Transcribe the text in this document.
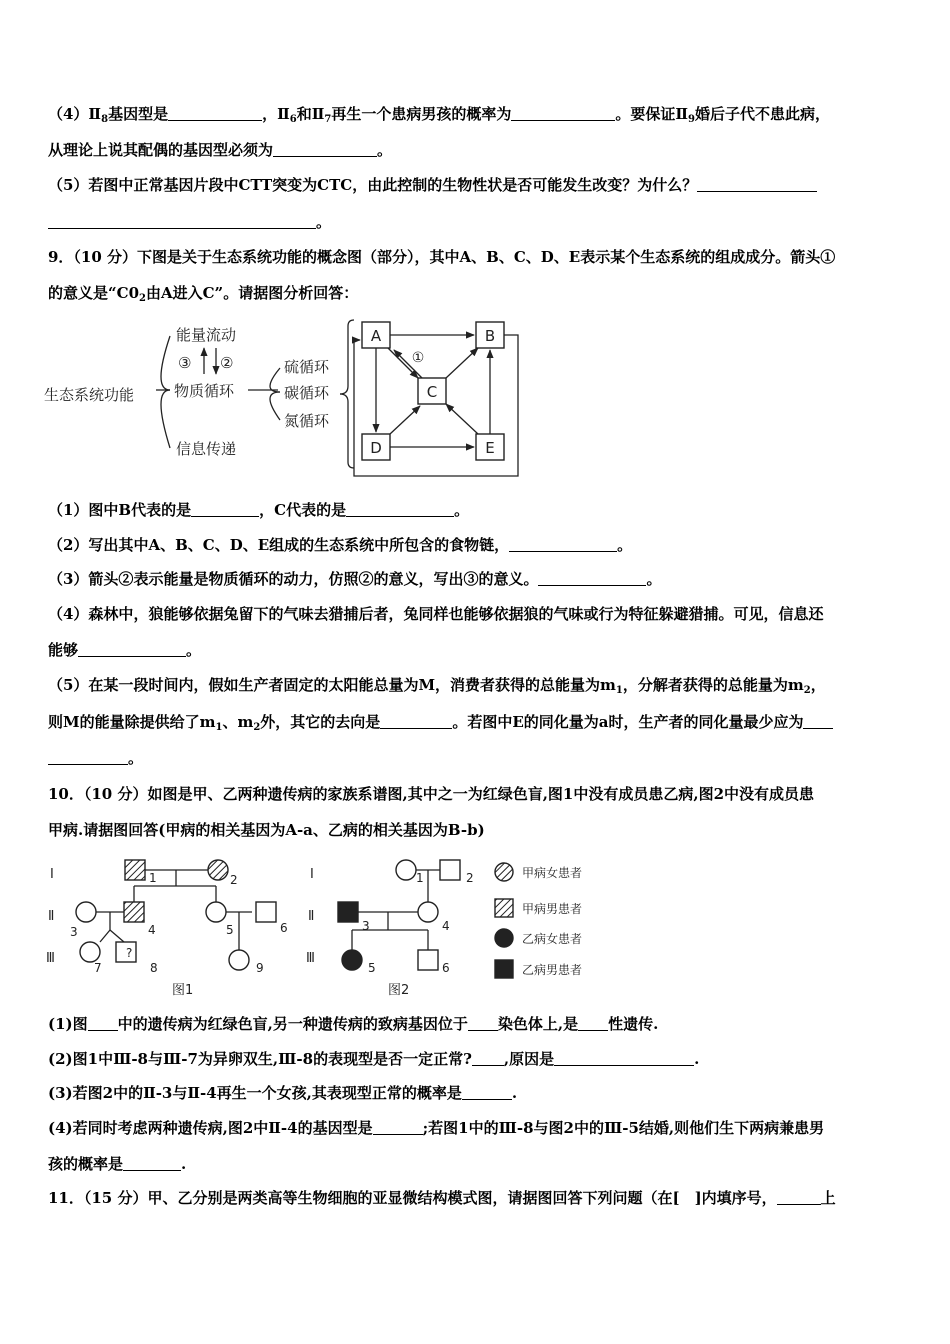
$(4)Ⅱ_8$基因型是	，$Ⅱ_6$和$Ⅱ_7$再生一个患病男孩的概率为	。要保证$Ⅱ_9$婚后子代不患此病，
从理论上说其配偶的基因型必须为	。
（5）若图中正常基因片段中CTT突变为CTC，由此控制的生物性状是否可能发生改变？为什么？
。
9．（10 分）下图是关于生态系统功能的概念图（部分），其中A、B、C、D、E表示某个生态系统的组成成分。箭头①
的意义是“$C0_2$由A进入C”。请据图分析回答：
生态系统功能
能量流动
物质循环
信息传递
③ ②	硫循环
碳循环
氮循环
A	B
C
D	E
①
（1）图中B代表的是	，C代表的是	。
（2）写出其中A、B、C、D、E组成的生态系统中所包含的食物链，	。
（3）箭头②表示能量是物质循环的动力，仿照②的意义，写出③的意义。	。
（4）森林中，狼能够依据兔留下的气味去猎捕后者，兔同样也能够依据狼的气味或行为特征躲避猎捕。可见，信息还
能够	。
（5）在某一段时间内，假如生产者固定的太阳能总量为M，消费者获得的总能量为$m_1$，分解者获得的总能量为$m_2$，
则M的能量除提供给了$m_1$、$m_2$外，其它的去向是	。若图中E的同化量为a时，生产者的同化量最少应为
。
10．（10 分）如图是甲、乙两种遗传病的家族系谱图,其中之一为红绿色盲,图1中没有成员患乙病,图2中没有成员患
甲病.请据图回答(甲病的相关基因为A-a、乙病的相关基因为B-b)
Ⅰ
Ⅱ
Ⅲ
Ⅰ
Ⅱ
Ⅲ
1	2
3	4	5	6
7	8	9
?
图1
1	2
3	4
5	6
图2
甲病女患者
甲病男患者
乙病女患者
乙病男患者
(1)图 中的遗传病为红绿色盲,另一种遗传病的致病基因位于 染色体上,是 性遗传.
(2)图1中Ⅲ-8与Ⅲ-7为异卵双生,Ⅲ-8的表现型是否一定正常? ,原因是	.
(3)若图2中的Ⅱ-3与Ⅱ-4再生一个女孩,其表现型正常的概率是	.
(4)若同时考虑两种遗传病,图2中Ⅱ-4的基因型是	;若图1中的Ⅲ-8与图2中的Ⅲ-5结婚,则他们生下两病兼患男
孩的概率是	.
11．（15 分）甲、乙分别是两类高等生物细胞的亚显微结构模式图，请据图回答下列问题（在[　]内填序号，	上
